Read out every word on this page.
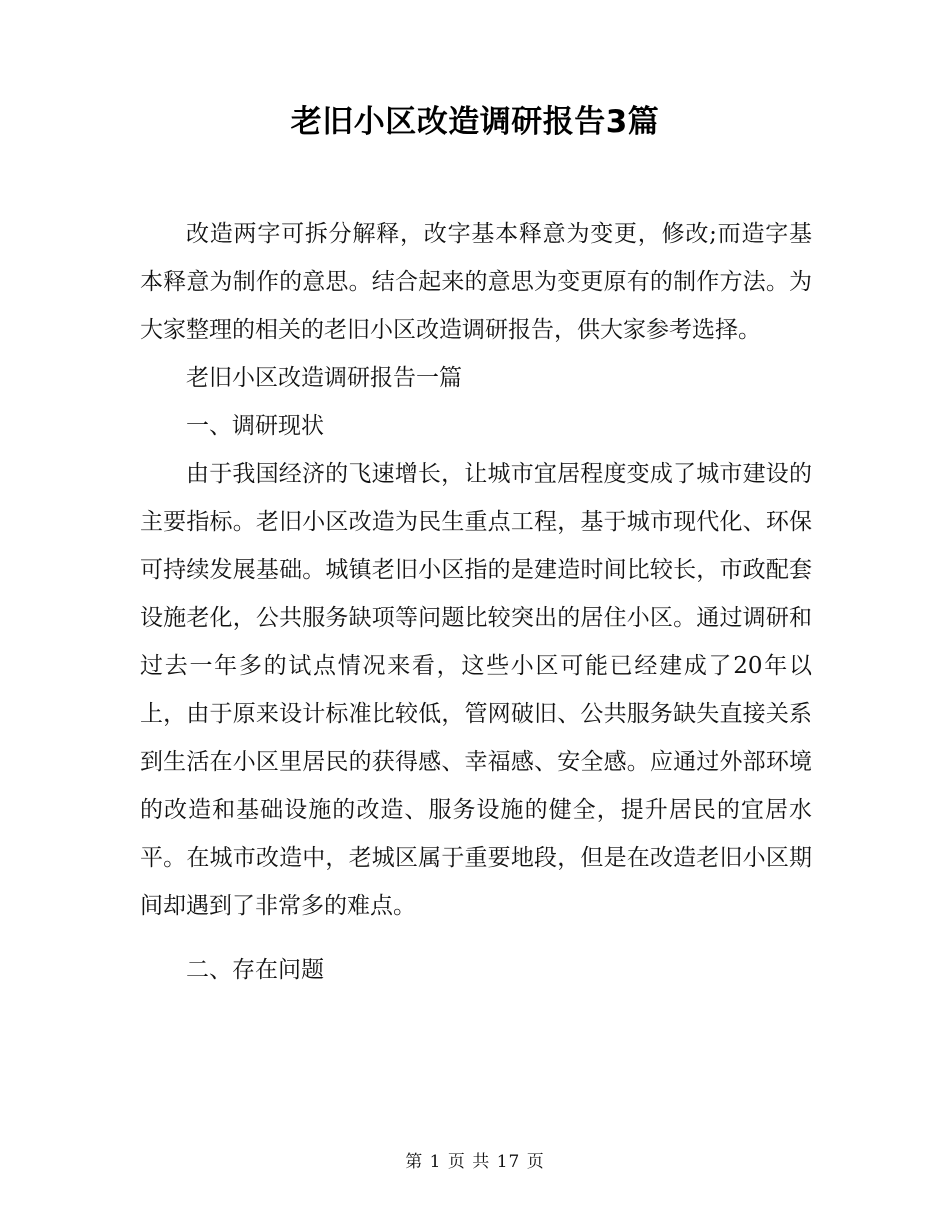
老旧小区改造调研报告3篇

改造两字可拆分解释，改字基本释意为变更，修改;而造字基本释意为制作的意思。结合起来的意思为变更原有的制作方法。为大家整理的相关的老旧小区改造调研报告，供大家参考选择。

老旧小区改造调研报告一篇

一、调研现状

由于我国经济的飞速增长，让城市宜居程度变成了城市建设的主要指标。老旧小区改造为民生重点工程，基于城市现代化、环保可持续发展基础。城镇老旧小区指的是建造时间比较长，市政配套设施老化，公共服务缺项等问题比较突出的居住小区。通过调研和过去一年多的试点情况来看，这些小区可能已经建成了20年以上，由于原来设计标准比较低，管网破旧、公共服务缺失直接关系到生活在小区里居民的获得感、幸福感、安全感。应通过外部环境的改造和基础设施的改造、服务设施的健全，提升居民的宜居水平。在城市改造中，老城区属于重要地段，但是在改造老旧小区期间却遇到了非常多的难点。

二、存在问题

第 1 页 共 17 页
